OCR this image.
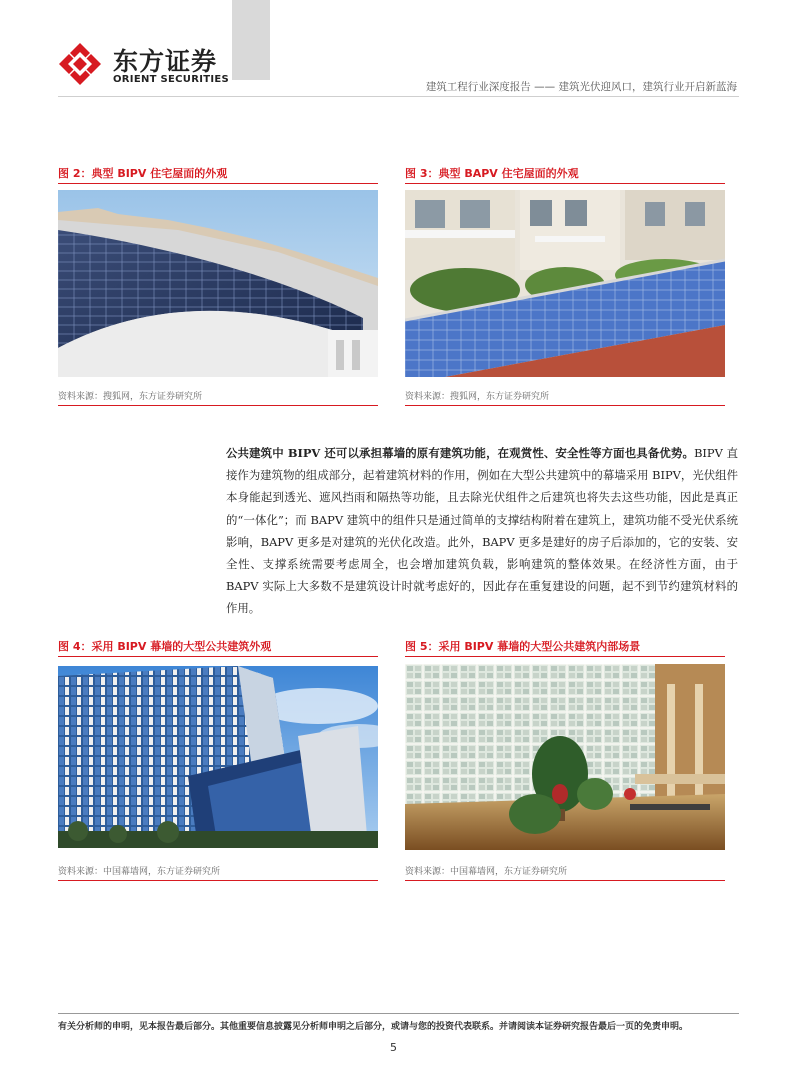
东方证券
ORIENT SECURITIES
建筑工程行业深度报告 —— 建筑光伏迎风口，建筑行业开启新蓝海
图 2：典型 BIPV 住宅屋面的外观
资料来源：搜狐网，东方证券研究所
图 3：典型 BAPV 住宅屋面的外观
资料来源：搜狐网，东方证券研究所
公共建筑中 BIPV 还可以承担幕墙的原有建筑功能，在观赏性、安全性等方面也具备优势。BIPV 直接作为建筑物的组成部分，起着建筑材料的作用，例如在大型公共建筑中的幕墙采用 BIPV，光伏组件本身能起到透光、遮风挡雨和隔热等功能，且去除光伏组件之后建筑也将失去这些功能，因此是真正的“一体化”；而 BAPV 建筑中的组件只是通过简单的支撑结构附着在建筑上，建筑功能不受光伏系统影响，BAPV 更多是对建筑的光伏化改造。此外，BAPV 更多是建好的房子后添加的，它的安装、安全性、支撑系统需要考虑周全，也会增加建筑负载，影响建筑的整体效果。在经济性方面，由于 BAPV 实际上大多数不是建筑设计时就考虑好的，因此存在重复建设的问题，起不到节约建筑材料的作用。
图 4：采用 BIPV 幕墙的大型公共建筑外观
资料来源：中国幕墙网，东方证券研究所
图 5：采用 BIPV 幕墙的大型公共建筑内部场景
资料来源：中国幕墙网，东方证券研究所
有关分析师的申明，见本报告最后部分。其他重要信息披露见分析师申明之后部分，或请与您的投资代表联系。并请阅读本证券研究报告最后一页的免责申明。
5
